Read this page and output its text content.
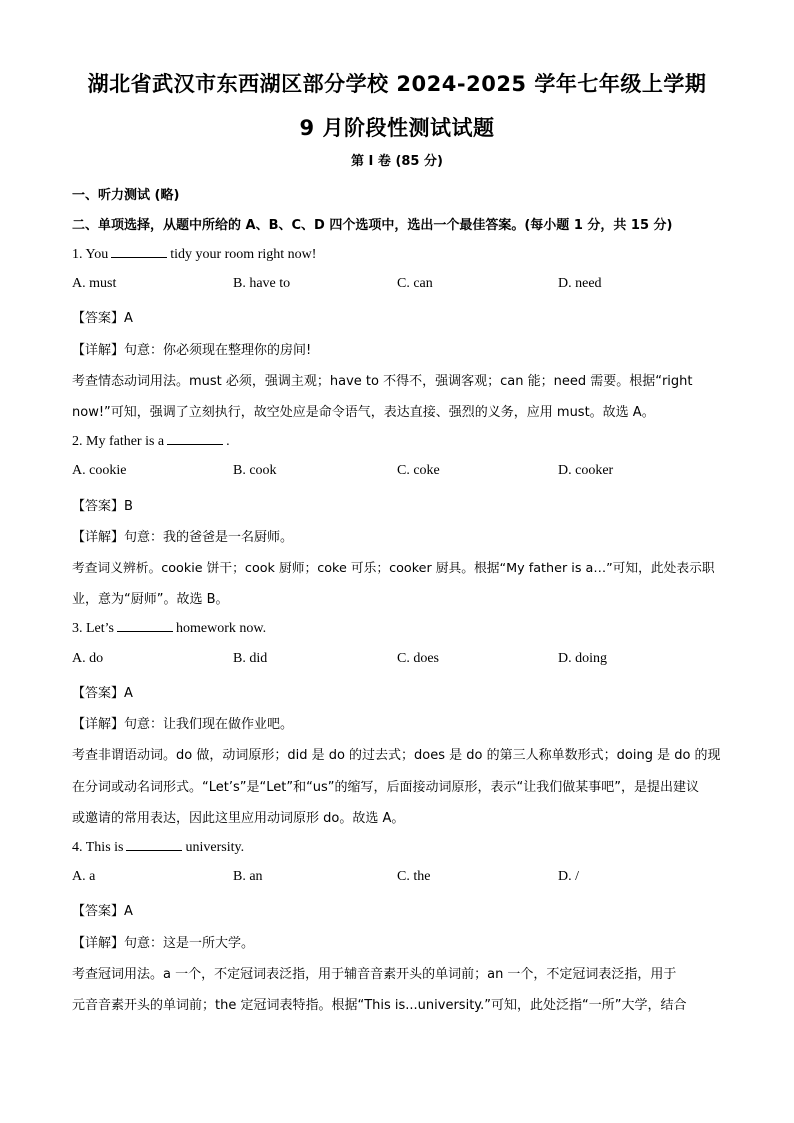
湖北省武汉市东西湖区部分学校 2024-2025 学年七年级上学期
9 月阶段性测试试题
第 I 卷 (85 分)
一、听力测试 (略)
二、单项选择，从题中所给的 A、B、C、D 四个选项中，选出一个最佳答案。(每小题 1 分，共 15 分)
1. You	tidy your room right now!
A. must	B. have to	C. can	D. need
【答案】A
【详解】句意：你必须现在整理你的房间!
考查情态动词用法。must 必须，强调主观；have to 不得不，强调客观；can 能；need 需要。根据“right
now!”可知，强调了立刻执行，故空处应是命令语气，表达直接、强烈的义务，应用 must。故选 A。
2. My father is a	.
A. cookie	B. cook	C. coke	D. cooker
【答案】B
【详解】句意：我的爸爸是一名厨师。
考查词义辨析。cookie 饼干；cook 厨师；coke 可乐；cooker 厨具。根据“My father is a…”可知，此处表示职
业，意为“厨师”。故选 B。
3. Let’s	homework now.
A. do	B. did	C. does	D. doing
【答案】A
【详解】句意：让我们现在做作业吧。
考查非谓语动词。do 做，动词原形；did 是 do 的过去式；does 是 do 的第三人称单数形式；doing 是 do 的现
在分词或动名词形式。“Let’s”是“Let”和“us”的缩写，后面接动词原形，表示“让我们做某事吧”，是提出建议
或邀请的常用表达，因此这里应用动词原形 do。故选 A。
4. This is	university.
A. a	B. an	C. the	D. /
【答案】A
【详解】句意：这是一所大学。
考查冠词用法。a 一个，不定冠词表泛指，用于辅音音素开头的单词前；an 一个，不定冠词表泛指，用于
元音音素开头的单词前；the 定冠词表特指。根据“This is...university.”可知，此处泛指“一所”大学，结合
